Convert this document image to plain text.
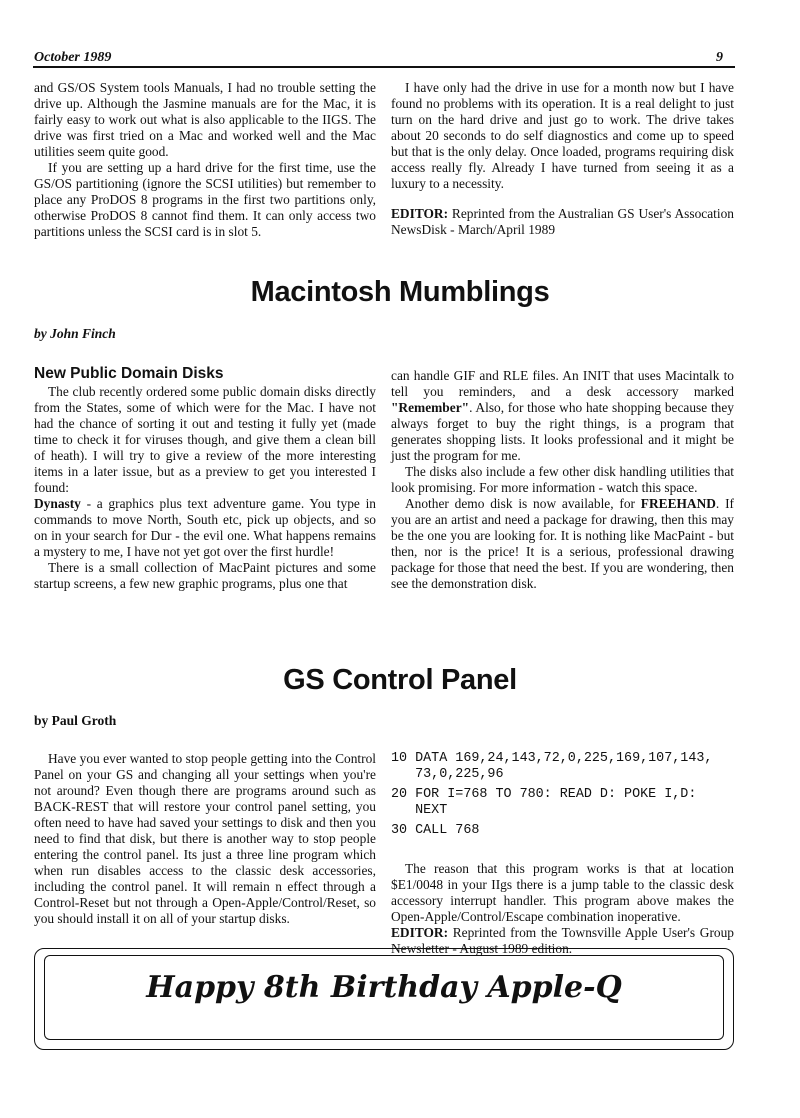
October 1989	9

and GS/OS System tools Manuals, I had no trouble setting the drive up. Although the Jasmine manuals are for the Mac, it is fairly easy to work out what is also applicable to the IIGS. The drive was first tried on a Mac and worked well and the Mac utilities seem quite good.

If you are setting up a hard drive for the first time, use the GS/OS partitioning (ignore the SCSI utilities) but remember to place any ProDOS 8 programs in the first two partitions only, otherwise ProDOS 8 cannot find them. It can only access two partitions unless the SCSI card is in slot 5.

I have only had the drive in use for a month now but I have found no problems with its operation. It is a real delight to just turn on the hard drive and just go to work. The drive takes about 20 seconds to do self diagnostics and come up to speed but that is the only delay. Once loaded, programs requiring disk access really fly. Already I have turned from seeing it as a luxury to a necessity.

EDITOR: Reprinted from the Australian GS User's Assocation NewsDisk - March/April 1989

Macintosh Mumblings
by John Finch
New Public Domain Disks

The club recently ordered some public domain disks directly from the States, some of which were for the Mac. I have not had the chance of sorting it out and testing it fully yet (made time to check it for viruses though, and give them a clean bill of heath). I will try to give a review of the more interesting items in a later issue, but as a preview to get you interested I found:

Dynasty - a graphics plus text adventure game. You type in commands to move North, South etc, pick up objects, and so on in your search for Dur - the evil one. What happens remains a mystery to me, I have not yet got over the first hurdle!

There is a small collection of MacPaint pictures and some startup screens, a few new graphic programs, plus one that

can handle GIF and RLE files. An INIT that uses Macintalk to tell you reminders, and a desk accessory marked "Remember". Also, for those who hate shopping because they always forget to buy the right things, is a program that generates shopping lists. It looks professional and it might be just the program for me.

The disks also include a few other disk handling utilities that look promising. For more information - watch this space.

Another demo disk is now available, for FREEHAND. If you are an artist and need a package for drawing, then this may be the one you are looking for. It is nothing like MacPaint - but then, nor is the price! It is a serious, professional drawing package for those that need the best. If you are wondering, then see the demonstration disk.

GS Control Panel
by Paul Groth

Have you ever wanted to stop people getting into the Control Panel on your GS and changing all your settings when you're not around? Even though there are programs around such as BACK-REST that will restore your control panel setting, you often need to have had saved your settings to disk and then you need to find that disk, but there is another way to stop people entering the control panel. Its just a three line program which when run disables access to the classic desk accessories, including the control panel. It will remain n effect through a Control-Reset but not through a Open-Apple/Control/Reset, so you should install it on all of your startup disks.

10 DATA 169,24,143,72,0,225,169,107,143,
73,0,225,96
20 FOR I=768 TO 780: READ D: POKE I,D:
NEXT
30 CALL 768

The reason that this program works is that at location $E1/0048 in your IIgs there is a jump table to the classic desk accessory interrupt handler. This program above makes the Open-Apple/Control/Escape combination inoperative.

EDITOR: Reprinted from the Townsville Apple User's Group Newsletter - August 1989 edition.

Happy 8th Birthday Apple-Q
